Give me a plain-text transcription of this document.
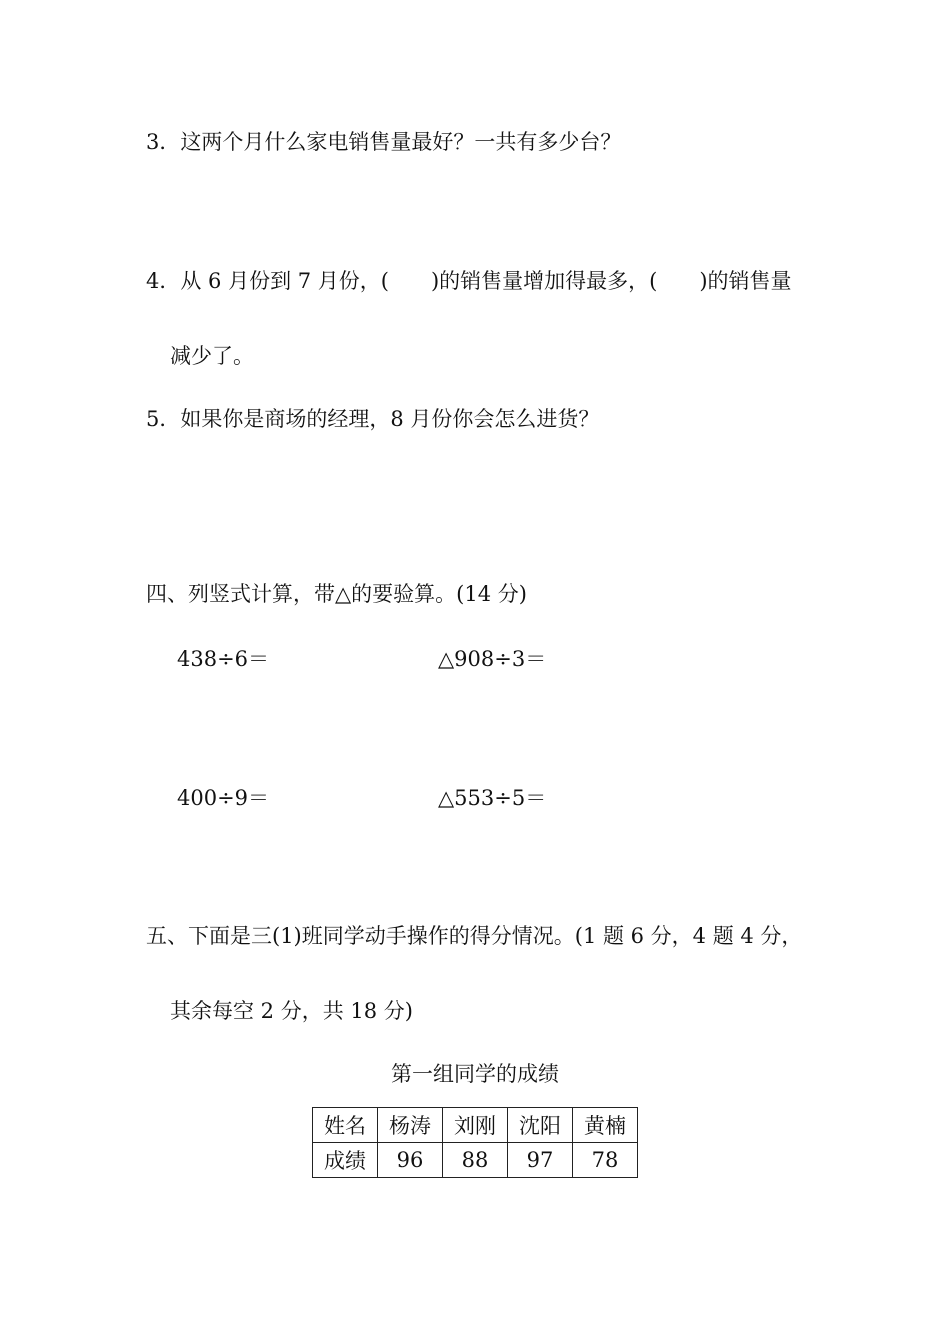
3．这两个月什么家电销售量最好？一共有多少台？
4．从 6 月份到 7 月份，(　　)的销售量增加得最多，(　　)的销售量
减少了。
5．如果你是商场的经理，8 月份你会怎么进货？
四、列竖式计算，带△的要验算。(14 分)
438÷6＝	△908÷3＝
400÷9＝	△553÷5＝
五、下面是三(1)班同学动手操作的得分情况。(1 题 6 分，4 题 4 分，
其余每空 2 分，共 18 分)
第一组同学的成绩
姓名	杨涛	刘刚	沈阳	黄楠
成绩	96	88	97	78
